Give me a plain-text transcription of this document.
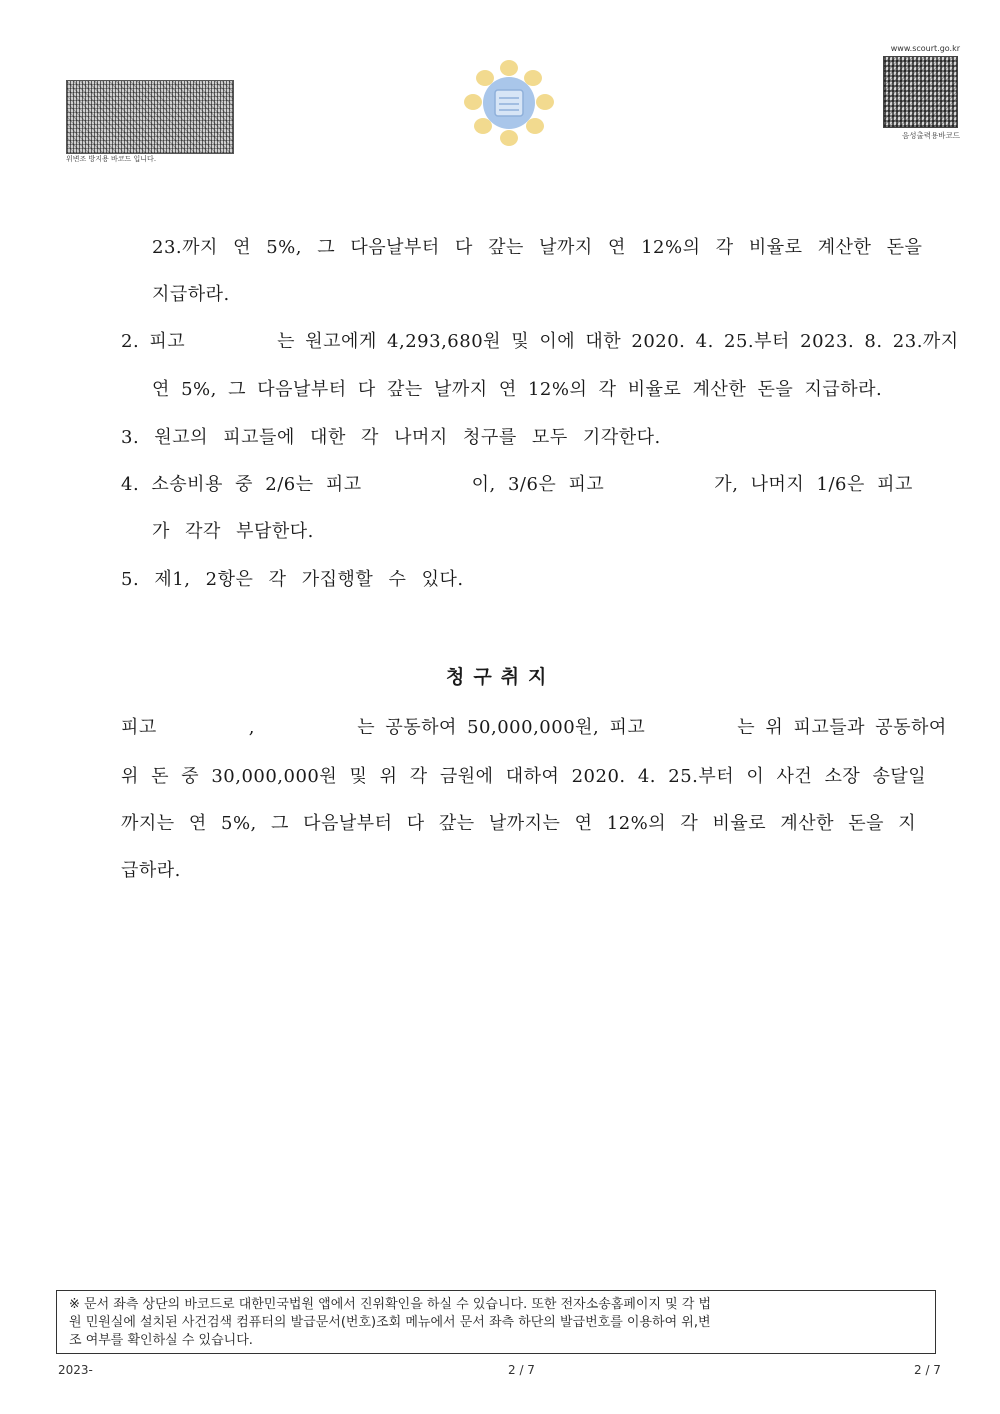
위변조 방지용 바코드 입니다.
www.scourt.go.kr
음성출력용바코드
23.까지 연 5%, 그 다음날부터 다 갚는 날까지 연 12%의 각 비율로 계산한 돈을
지급하라.
2. 피고         는 원고에게 4,293,680원 및 이에 대한 2020. 4. 25.부터 2023. 8. 23.까지
연 5%, 그 다음날부터 다 갚는 날까지 연 12%의 각 비율로 계산한 돈을 지급하라.
3. 원고의 피고들에 대한 각 나머지 청구를 모두 기각한다.
4. 소송비용 중 2/6는 피고         이, 3/6은 피고         가, 나머지 1/6은 피고
가 각각 부담한다.
5. 제1, 2항은 각 가집행할 수 있다.
청구취지
피고         ,          는 공동하여 50,000,000원, 피고         는 위 피고들과 공동하여
위 돈 중 30,000,000원 및 위 각 금원에 대하여 2020. 4. 25.부터 이 사건 소장 송달일
까지는 연 5%, 그 다음날부터 다 갚는 날까지는 연 12%의 각 비율로 계산한 돈을 지
급하라.
※ 문서 좌측 상단의 바코드로 대한민국법원 앱에서 진위확인을 하실 수 있습니다. 또한 전자소송홈페이지 및 각 법
원 민원실에 설치된 사건검색 컴퓨터의 발급문서(번호)조회 메뉴에서 문서 좌측 하단의 발급번호를 이용하여 위,변
조 여부를 확인하실 수 있습니다.
2023-	2 / 7	2 / 7
